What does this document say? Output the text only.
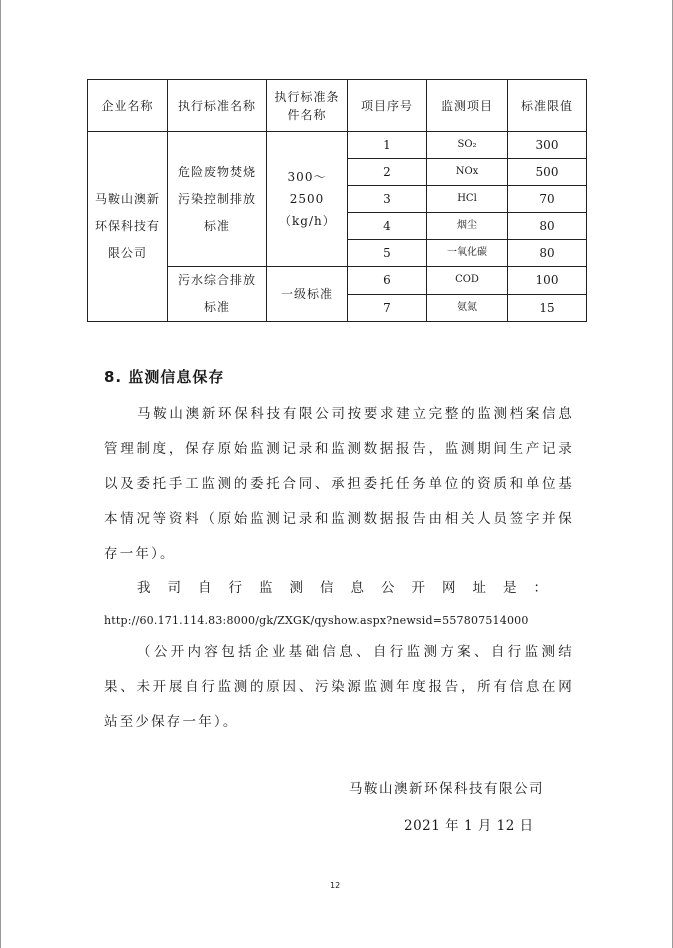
企业名称	执行标准名称	执行标准条件名称	项目序号	监测项目	标准限值
马鞍山澳新环保科技有限公司	危险废物焚烧污染控制排放标准	300～2500（kg/h）	1	SO₂	300
			2	NOx	500
			3	HCl	70
			4	烟尘	80
			5	一氧化碳	80
	污水综合排放标准	一级标准	6	COD	100
			7	氨氮	15
8. 监测信息保存
马鞍山澳新环保科技有限公司按要求建立完整的监测档案信息管理制度，保存原始监测记录和监测数据报告，监测期间生产记录以及委托手工监测的委托合同、承担委托任务单位的资质和单位基本情况等资料（原始监测记录和监测数据报告由相关人员签字并保存一年）。
我司自行监测信息公开网址是：
http://60.171.114.83:8000/gk/ZXGK/qyshow.aspx?newsid=557807514000
（公开内容包括企业基础信息、自行监测方案、自行监测结果、未开展自行监测的原因、污染源监测年度报告，所有信息在网站至少保存一年）。
马鞍山澳新环保科技有限公司
2021 年 1 月 12 日
12
